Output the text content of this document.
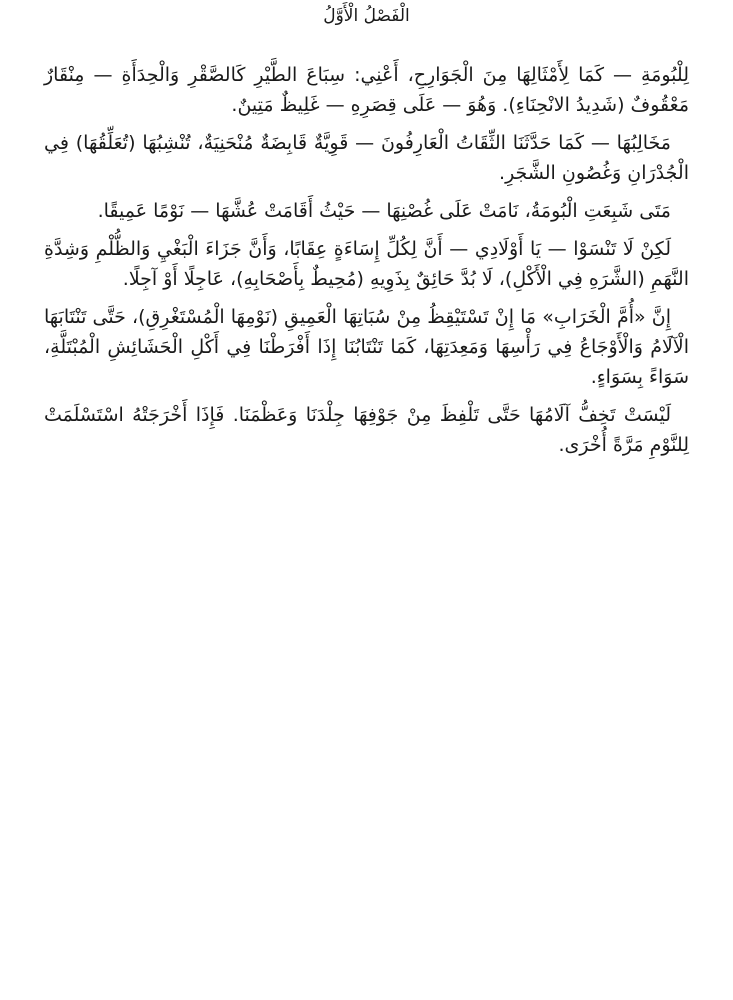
الْفَصْلُ الْأَوَّلُ

لِلْبُومَةِ — كَمَا لِأَمْثَالِهَا مِنَ الْجَوَارِحِ، أَعْنِي: سِبَاعَ الطَّيْرِ كَالصَّقْرِ وَالْحِدَأَةِ — مِنْقَارٌ مَعْقُوفٌ (شَدِيدُ الانْحِنَاءِ). وَهُوَ — عَلَى قِصَرِهِ — غَلِيظٌ مَتِينٌ.

مَخَالِبُهَا — كَمَا حَدَّثَنَا الثِّقَاتُ الْعَارِفُونَ — قَوِيَّةٌ قَابِضَةٌ مُنْحَنِيَةٌ، تُنْشِبُهَا (تُعَلِّقُهَا) فِي الْجُدْرَانِ وَغُصُونِ الشَّجَرِ.

مَتَى شَبِعَتِ الْبُومَةُ، نَامَتْ عَلَى غُصْنِهَا — حَيْثُ أَقَامَتْ عُشَّهَا — نَوْمًا عَمِيقًا.

لَكِنْ لَا تَنْسَوْا — يَا أَوْلَادِي — أَنَّ لِكُلِّ إِسَاءَةٍ عِقَابًا، وَأَنَّ جَزَاءَ الْبَغْيِ وَالظُّلْمِ وَشِدَّةِ النَّهَمِ (الشَّرَهِ فِي الْأَكْلِ)، لَا بُدَّ حَائِقٌ بِذَوِيهِ (مُحِيطٌ بِأَصْحَابِهِ)، عَاجِلًا أَوْ آجِلًا.

إِنَّ «أُمَّ الْخَرَابِ» مَا إِنْ تَسْتَيْقِظُ مِنْ سُبَاتِهَا الْعَمِيقِ (نَوْمِهَا الْمُسْتَغْرِقِ)، حَتَّى تَنْتَابَهَا الْآلَامُ وَالْأَوْجَاعُ فِي رَأْسِهَا وَمَعِدَتِهَا، كَمَا تَنْتَابُنَا إِذَا أَفْرَطْنَا فِي أَكْلِ الْحَشَائِشِ الْمُبْتَلَّةِ، سَوَاءً بِسَوَاءٍ.

لَيْسَتْ تَخِفُّ آلَامُهَا حَتَّى تَلْفِظَ مِنْ جَوْفِهَا جِلْدَنَا وَعَظْمَنَا. فَإِذَا أَخْرَجَتْهُ اسْتَسْلَمَتْ لِلنَّوْمِ مَرَّةً أُخْرَى.
